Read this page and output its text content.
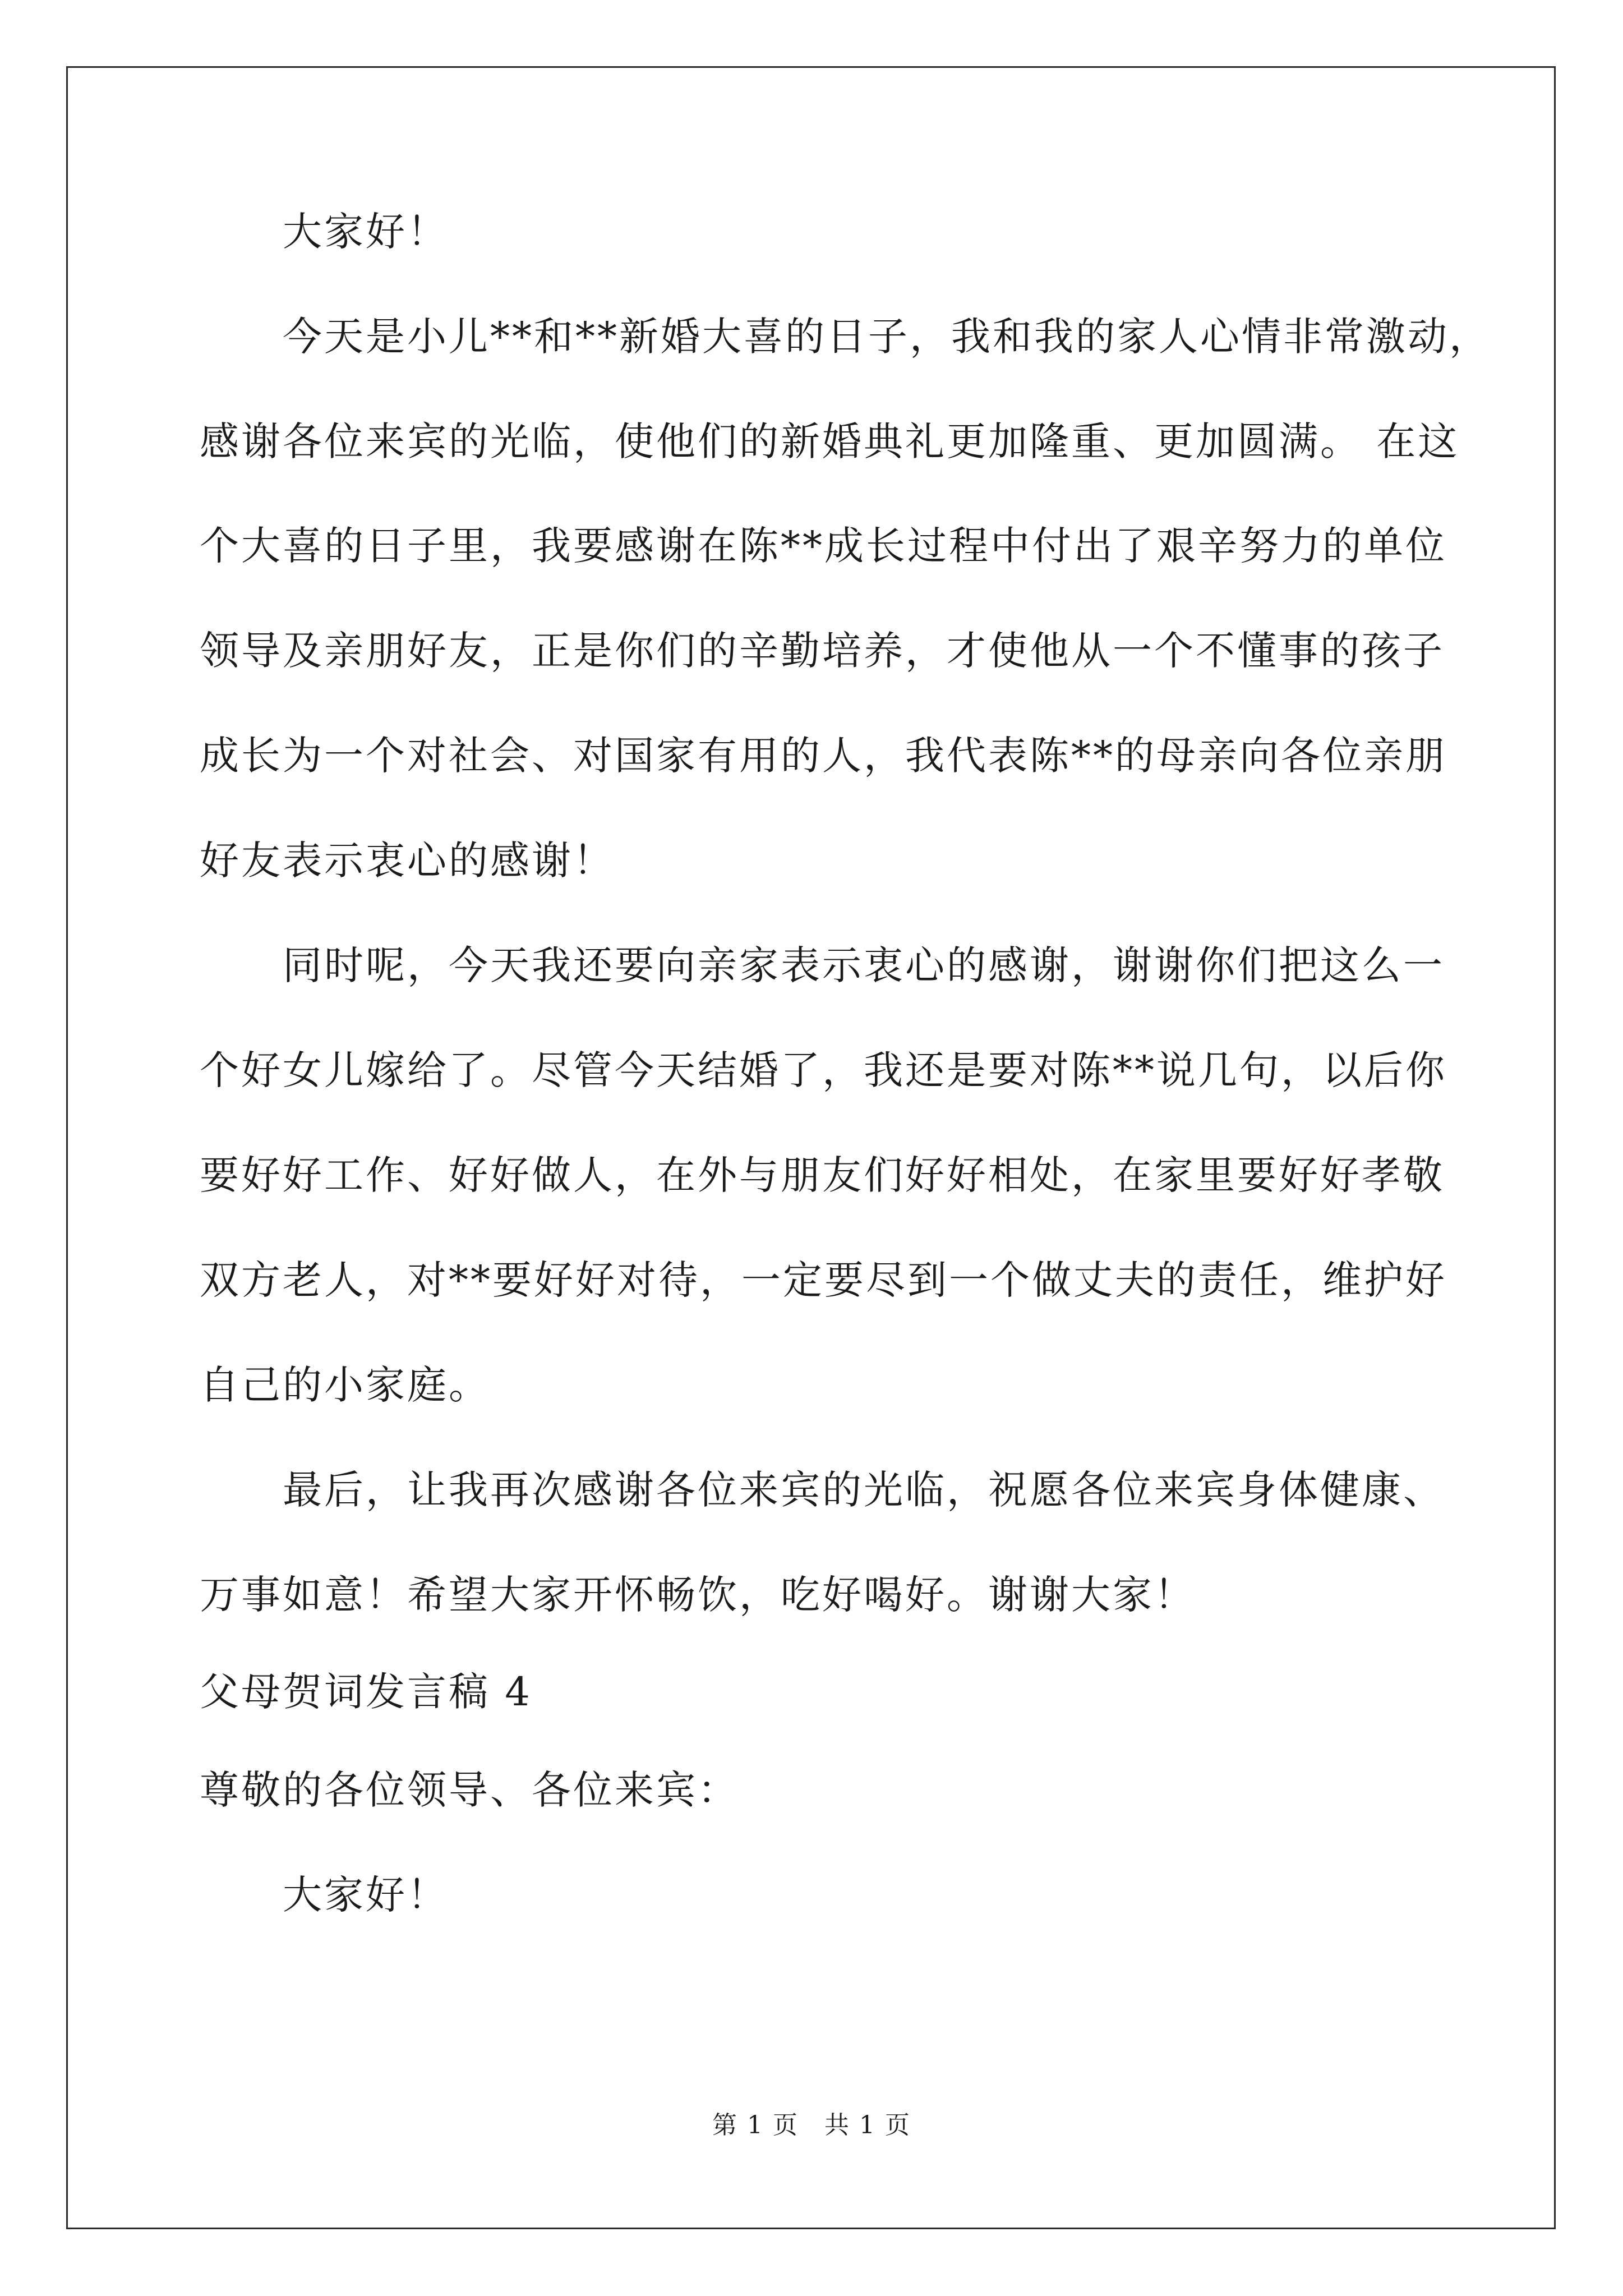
大家好！
今天是小儿**和**新婚大喜的日子，我和我的家人心情非常激动，
感谢各位来宾的光临，使他们的新婚典礼更加隆重、更加圆满。 在这
个大喜的日子里，我要感谢在陈**成长过程中付出了艰辛努力的单位
领导及亲朋好友，正是你们的辛勤培养，才使他从一个不懂事的孩子
成长为一个对社会、对国家有用的人，我代表陈**的母亲向各位亲朋
好友表示衷心的感谢！
同时呢，今天我还要向亲家表示衷心的感谢，谢谢你们把这么一
个好女儿嫁给了。尽管今天结婚了，我还是要对陈**说几句，以后你
要好好工作、好好做人，在外与朋友们好好相处，在家里要好好孝敬
双方老人，对**要好好对待，一定要尽到一个做丈夫的责任，维护好
自己的小家庭。
最后，让我再次感谢各位来宾的光临，祝愿各位来宾身体健康、
万事如意！希望大家开怀畅饮，吃好喝好。谢谢大家！
父母贺词发言稿 4
尊敬的各位领导、各位来宾：
大家好！
第 1 页　共 1 页
